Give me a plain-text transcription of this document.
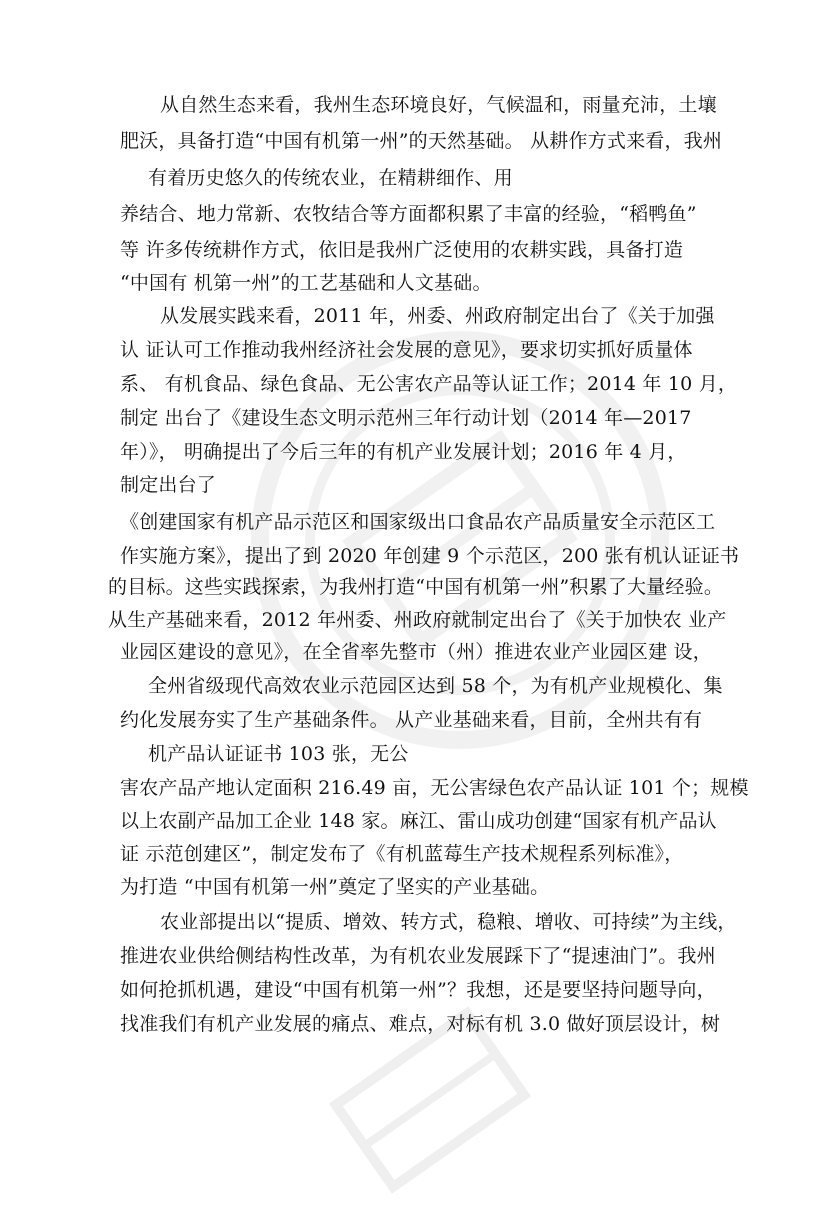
从自然生态来看，我州生态环境良好，气候温和，雨量充沛，土壤
肥沃，具备打造“中国有机第一州”的天然基础。 从耕作方式来看，我州
有着历史悠久的传统农业，在精耕细作、用
养结合、地力常新、农牧结合等方面都积累了丰富的经验，“稻鸭鱼”
等 许多传统耕作方式，依旧是我州广泛使用的农耕实践，具备打造
“中国有 机第一州”的工艺基础和人文基础。
从发展实践来看，2011 年，州委、州政府制定出台了《关于加强
认 证认可工作推动我州经济社会发展的意见》，要求切实抓好质量体
系、 有机食品、绿色食品、无公害农产品等认证工作；2014 年 10 月，
制定 出台了《建设生态文明示范州三年行动计划（2014 年—2017
年）》， 明确提出了今后三年的有机产业发展计划；2016 年 4 月，
制定出台了
《创建国家有机产品示范区和国家级出口食品农产品质量安全示范区工
作实施方案》，提出了到 2020 年创建 9 个示范区，200 张有机认证证书
的目标。这些实践探索，为我州打造“中国有机第一州”积累了大量经验。
从生产基础来看，2012 年州委、州政府就制定出台了《关于加快农 业产
业园区建设的意见》，在全省率先整市（州）推进农业产业园区建 设，
全州省级现代高效农业示范园区达到 58 个，为有机产业规模化、集
约化发展夯实了生产基础条件。 从产业基础来看，目前，全州共有有
机产品认证证书 103 张，无公
害农产品产地认定面积 216.49 亩，无公害绿色农产品认证 101 个；规模
以上农副产品加工企业 148 家。麻江、雷山成功创建“国家有机产品认
证 示范创建区”，制定发布了《有机蓝莓生产技术规程系列标准》，
为打造 “中国有机第一州”奠定了坚实的产业基础。
农业部提出以“提质、增效、转方式，稳粮、增收、可持续”为主线，
推进农业供给侧结构性改革，为有机农业发展踩下了“提速油门”。我州
如何抢抓机遇，建设“中国有机第一州”？我想，还是要坚持问题导向，
找准我们有机产业发展的痛点、难点，对标有机 3.0 做好顶层设计，树
